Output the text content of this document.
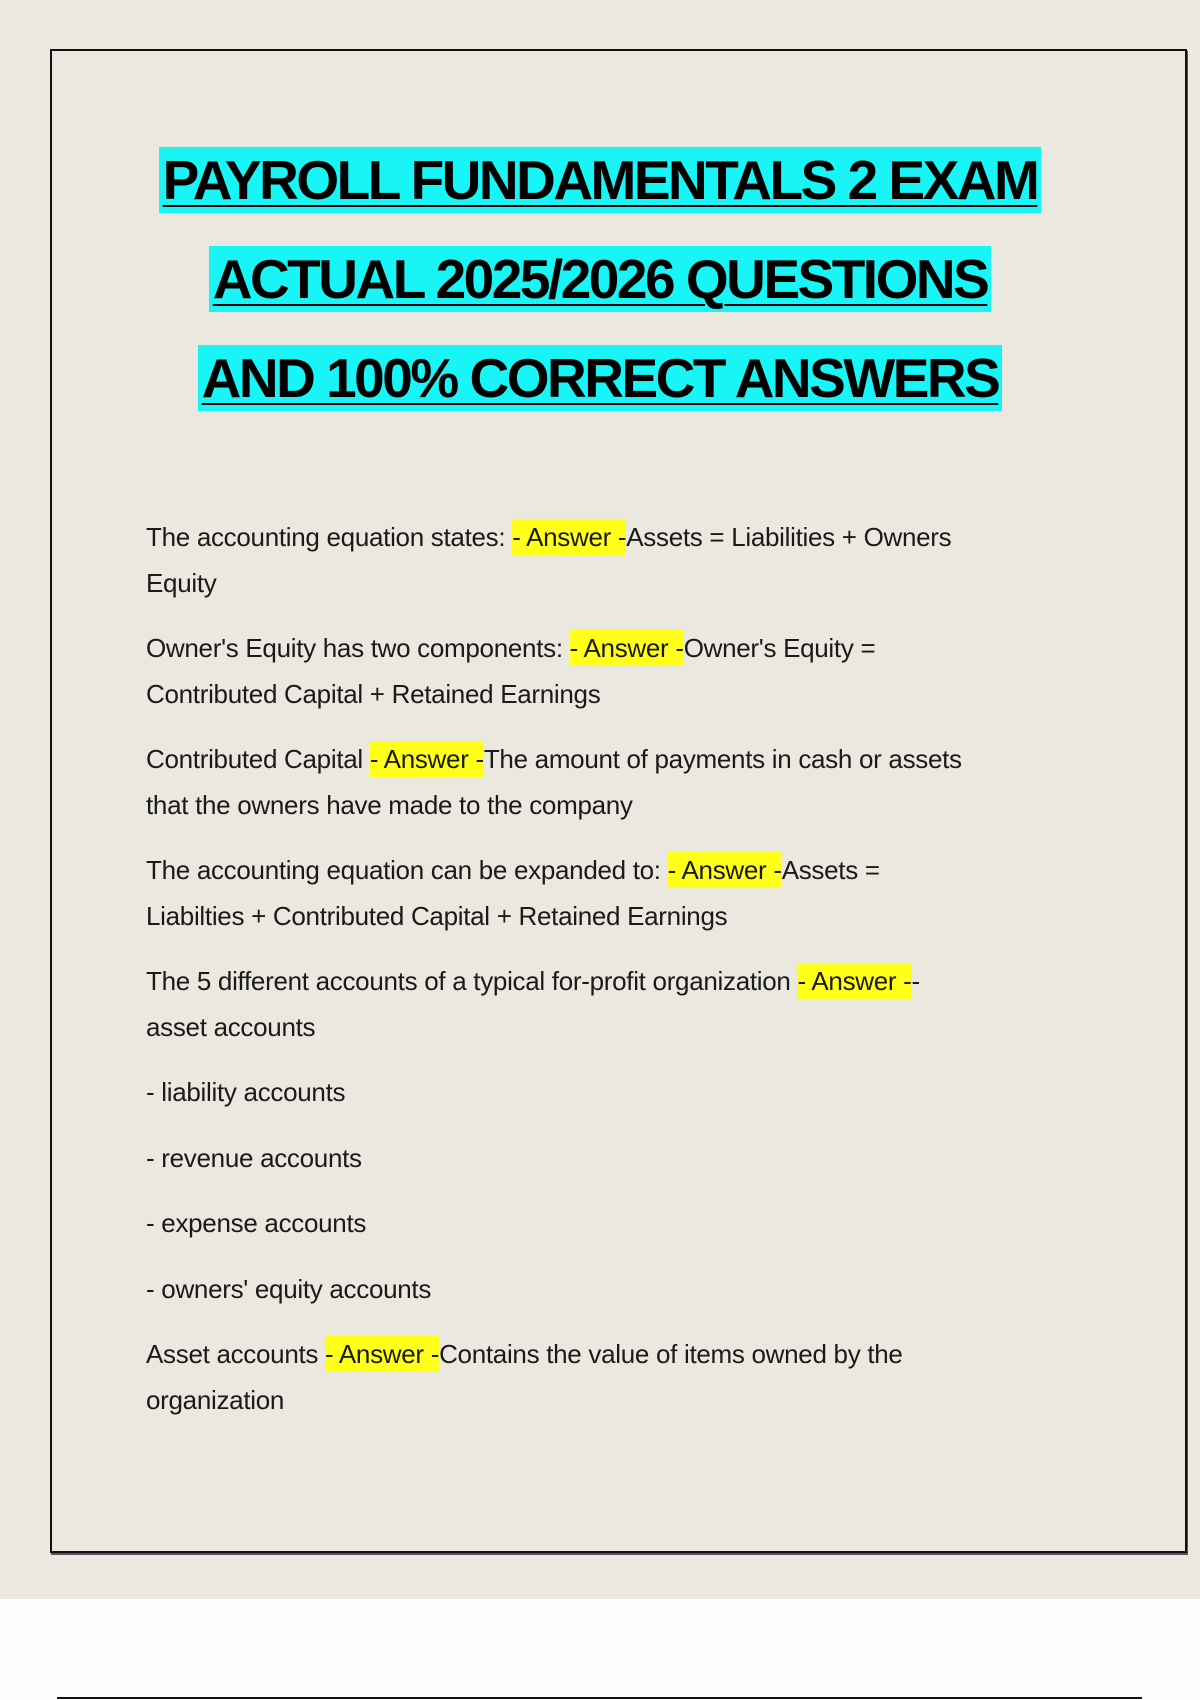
PAYROLL FUNDAMENTALS 2 EXAM
ACTUAL 2025/2026 QUESTIONS
AND 100% CORRECT ANSWERS
The accounting equation states: - Answer -Assets = Liabilities + Owners
Equity
Owner's Equity has two components: - Answer -Owner's Equity =
Contributed Capital + Retained Earnings
Contributed Capital - Answer -The amount of payments in cash or assets
that the owners have made to the company
The accounting equation can be expanded to: - Answer -Assets =
Liabilties + Contributed Capital + Retained Earnings
The 5 different accounts of a typical for-profit organization - Answer --
asset accounts
- liability accounts
- revenue accounts
- expense accounts
- owners' equity accounts
Asset accounts - Answer -Contains the value of items owned by the
organization
